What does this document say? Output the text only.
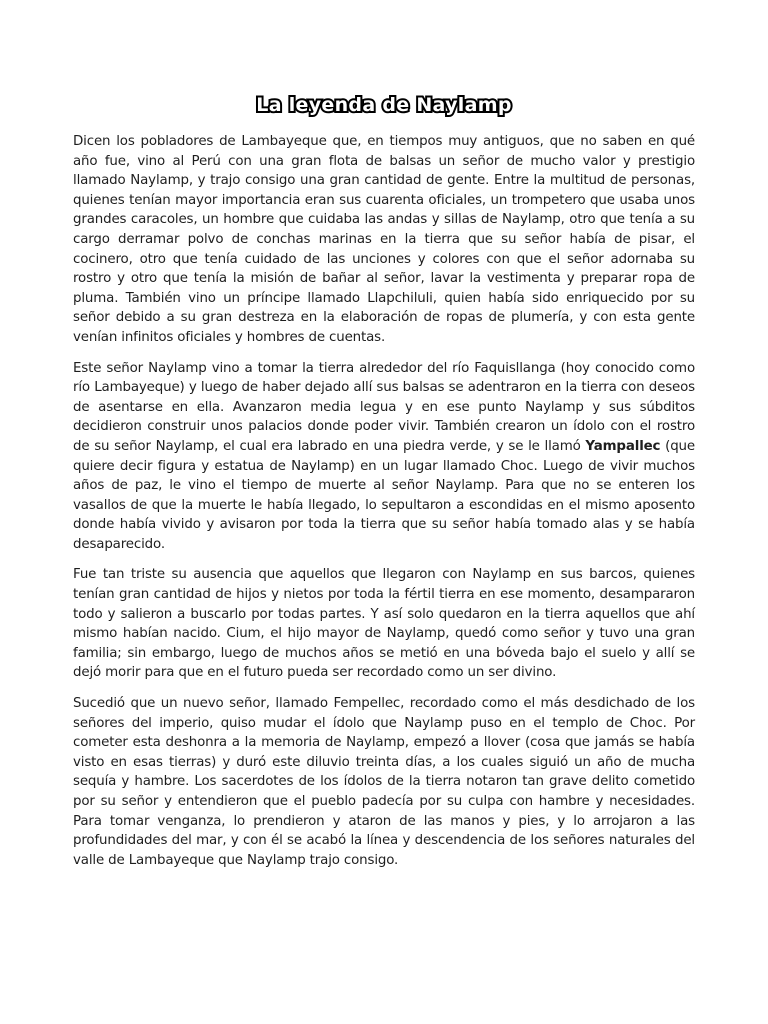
La leyenda de Naylamp

Dicen los pobladores de Lambayeque que, en tiempos muy antiguos, que no saben en qué año fue, vino al Perú con una gran flota de balsas un señor de mucho valor y prestigio llamado Naylamp, y trajo consigo una gran cantidad de gente. Entre la multitud de personas, quienes tenían mayor importancia eran sus cuarenta oficiales, un trompetero que usaba unos grandes caracoles, un hombre que cuidaba las andas y sillas de Naylamp, otro que tenía a su cargo derramar polvo de conchas marinas en la tierra que su señor había de pisar, el cocinero, otro que tenía cuidado de las unciones y colores con que el señor adornaba su rostro y otro que tenía la misión de bañar al señor, lavar la vestimenta y preparar ropa de pluma. También vino un príncipe llamado Llapchiluli, quien había sido enriquecido por su señor debido a su gran destreza en la elaboración de ropas de plumería, y con esta gente venían infinitos oficiales y hombres de cuentas.

Este señor Naylamp vino a tomar la tierra alrededor del río Faquisllanga (hoy conocido como río Lambayeque) y luego de haber dejado allí sus balsas se adentraron en la tierra con deseos de asentarse en ella. Avanzaron media legua y en ese punto Naylamp y sus súbditos decidieron construir unos palacios donde poder vivir. También crearon un ídolo con el rostro de su señor Naylamp, el cual era labrado en una piedra verde, y se le llamó Yampallec (que quiere decir figura y estatua de Naylamp) en un lugar llamado Choc. Luego de vivir muchos años de paz, le vino el tiempo de muerte al señor Naylamp. Para que no se enteren los vasallos de que la muerte le había llegado, lo sepultaron a escondidas en el mismo aposento donde había vivido y avisaron por toda la tierra que su señor había tomado alas y se había desaparecido.

Fue tan triste su ausencia que aquellos que llegaron con Naylamp en sus barcos, quienes tenían gran cantidad de hijos y nietos por toda la fértil tierra en ese momento, desampararon todo y salieron a buscarlo por todas partes. Y así solo quedaron en la tierra aquellos que ahí mismo habían nacido. Cium, el hijo mayor de Naylamp, quedó como señor y tuvo una gran familia; sin embargo, luego de muchos años se metió en una bóveda bajo el suelo y allí se dejó morir para que en el futuro pueda ser recordado como un ser divino.

Sucedió que un nuevo señor, llamado Fempellec, recordado como el más desdichado de los señores del imperio, quiso mudar el ídolo que Naylamp puso en el templo de Choc. Por cometer esta deshonra a la memoria de Naylamp, empezó a llover (cosa que jamás se había visto en esas tierras) y duró este diluvio treinta días, a los cuales siguió un año de mucha sequía y hambre. Los sacerdotes de los ídolos de la tierra notaron tan grave delito cometido por su señor y entendieron que el pueblo padecía por su culpa con hambre y necesidades. Para tomar venganza, lo prendieron y ataron de las manos y pies, y lo arrojaron a las profundidades del mar, y con él se acabó la línea y descendencia de los señores naturales del valle de Lambayeque que Naylamp trajo consigo.
